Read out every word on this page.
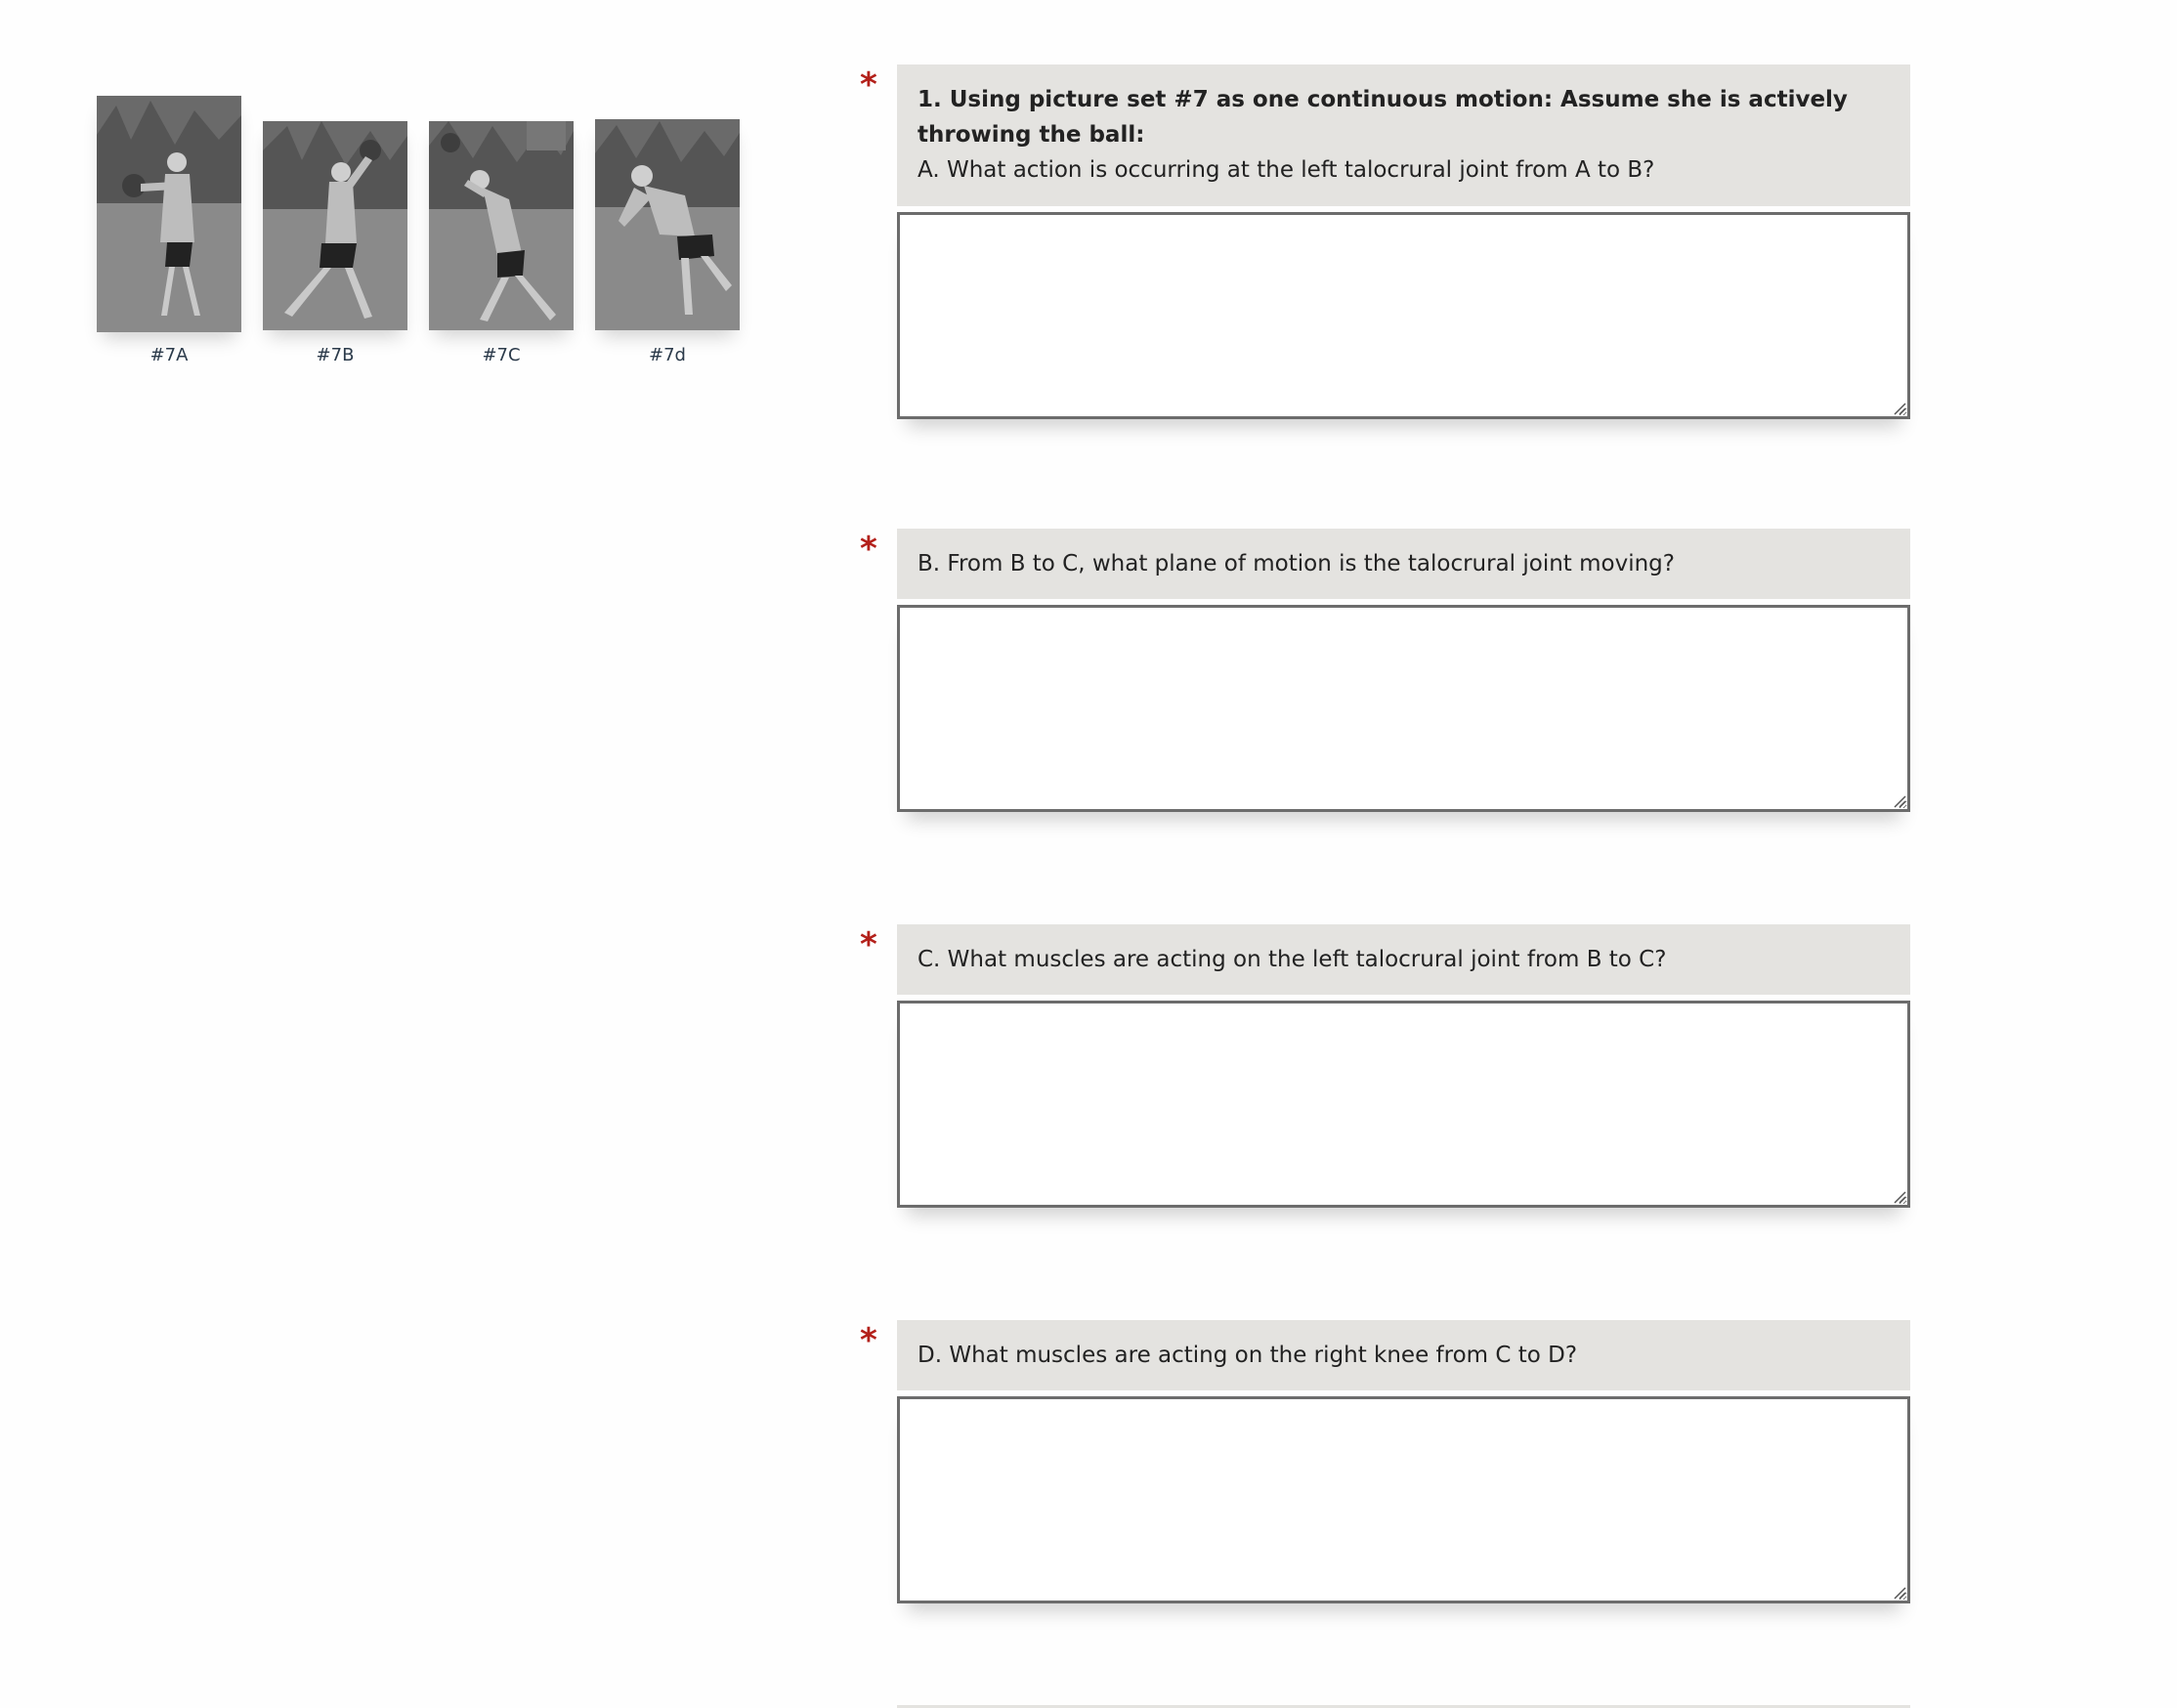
#7A	#7B	#7C	#7d
* 1. Using picture set #7 as one continuous motion: Assume she is actively throwing the ball:
A. What action is occurring at the left talocrural joint from A to B?
*	B. From B to C, what plane of motion is the talocrural joint moving?
*	C. What muscles are acting on the left talocrural joint from B to C?
*	D. What muscles are acting on the right knee from C to D?
